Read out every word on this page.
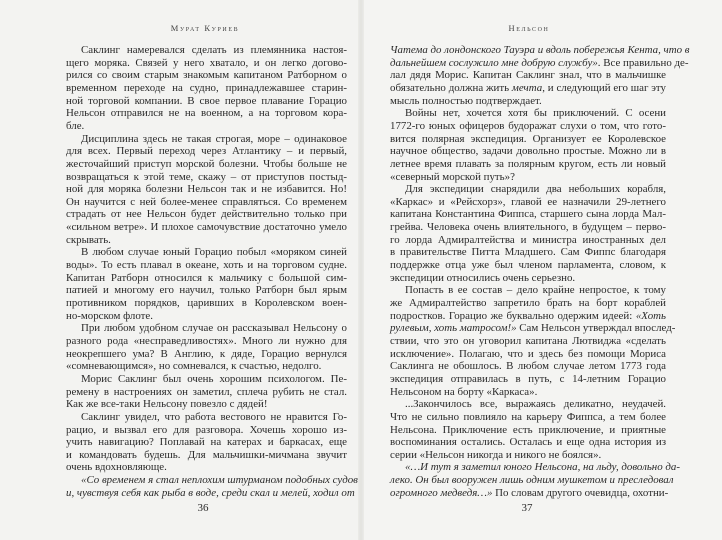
Мурат Куриев
Саклинг намеревался сделать из племянника настоя-
щего моряка. Связей у него хватало, и он легко догово-
рился со своим старым знакомым капитаном Ратборном о
временном переходе на судно, принадлежавшее старин-
ной торговой компании. В свое первое плавание Горацио
Нельсон отправился не на военном, а на торговом кора-
бле.
Дисциплина здесь не такая строгая, море – одинаковое
для всех. Первый переход через Атлантику – и первый,
жесточайший приступ морской болезни. Чтобы больше не
возвращаться к этой теме, скажу – от приступов постыд-
ной для моряка болезни Нельсон так и не избавится. Но!
Он научится с ней более-менее справляться. Со временем
страдать от нее Нельсон будет действительно только при
«сильном ветре». И плохое самочувствие достаточно умело
скрывать.
В любом случае юный Горацио побыл «моряком синей
воды». То есть плавал в океане, хоть и на торговом судне.
Капитан Ратборн относился к мальчику с большой сим-
патией и многому его научил, только Ратборн был ярым
противником порядков, царивших в Королевском воен-
но-морском флоте.
При любом удобном случае он рассказывал Нельсону о
разного рода «несправедливостях». Много ли нужно для
неокрепшего ума? В Англию, к дяде, Горацио вернулся
«сомневающимся», но сомневался, к счастью, недолго.
Морис Саклинг был очень хорошим психологом. Пе-
ремену в настроениях он заметил, сплеча рубить не стал.
Как же все-таки Нельсону повезло с дядей!
Саклинг увидел, что работа вестового не нравится Го-
рацио, и вызвал его для разговора. Хочешь хорошо из-
учить навигацию? Поплавай на катерах и баркасах, еще
и командовать будешь. Для мальчишки-мичмана звучит
очень вдохновляюще.
«Со временем я стал неплохим штурманом подобных судов
и, чувствуя себя как рыба в воде, среди скал и мелей, ходил от
36
Нельсон
Чатема до лондонского Тауэра и вдоль побережья Кента, что в
дальнейшем сослужило мне добрую службу». Все правильно де-
лал дядя Морис. Капитан Саклинг знал, что в мальчишке
обязательно должна жить мечта, и следующий его шаг эту
мысль полностью подтверждает.
Войны нет, хочется хотя бы приключений. С осени
1772-го юных офицеров будоражат слухи о том, что гото-
вится полярная экспедиция. Организует ее Королевское
научное общество, задачи довольно простые. Можно ли в
летнее время плавать за полярным кругом, есть ли новый
«северный морской путь»?
Для экспедиции снарядили два небольших корабля,
«Каркас» и «Рейсхорз», главой ее назначили 29-летнего
капитана Константина Фиппса, старшего сына лорда Мал-
грейва. Человека очень влиятельного, в будущем – перво-
го лорда Адмиралтейства и министра иностранных дел
в правительстве Питта Младшего. Сам Фиппс благодаря
поддержке отца уже был членом парламента, словом, к
экспедиции относились очень серьезно.
Попасть в ее состав – дело крайне непростое, к тому
же Адмиралтейство запретило брать на борт кораблей
подростков. Горацио же буквально одержим идеей: «Хоть
рулевым, хоть матросом!» Сам Нельсон утверждал впослед-
ствии, что это он уговорил капитана Лютвиджа «сделать
исключение». Полагаю, что и здесь без помощи Мориса
Саклинга не обошлось. В любом случае летом 1773 года
экспедиция отправилась в путь, с 14-летним Горацио
Нельсоном на борту «Каркаса».
...Закончилось все, выражаясь деликатно, неудачей.
Что не сильно повлияло на карьеру Фиппса, а тем более
Нельсона. Приключение есть приключение, и приятные
воспоминания остались. Осталась и еще одна история из
серии «Нельсон никогда и никого не боялся».
«…И тут я заметил юного Нельсона, на льду, довольно да-
леко. Он был вооружен лишь одним мушкетом и преследовал
огромного медведя…» По словам другого очевидца, охотни-
37
